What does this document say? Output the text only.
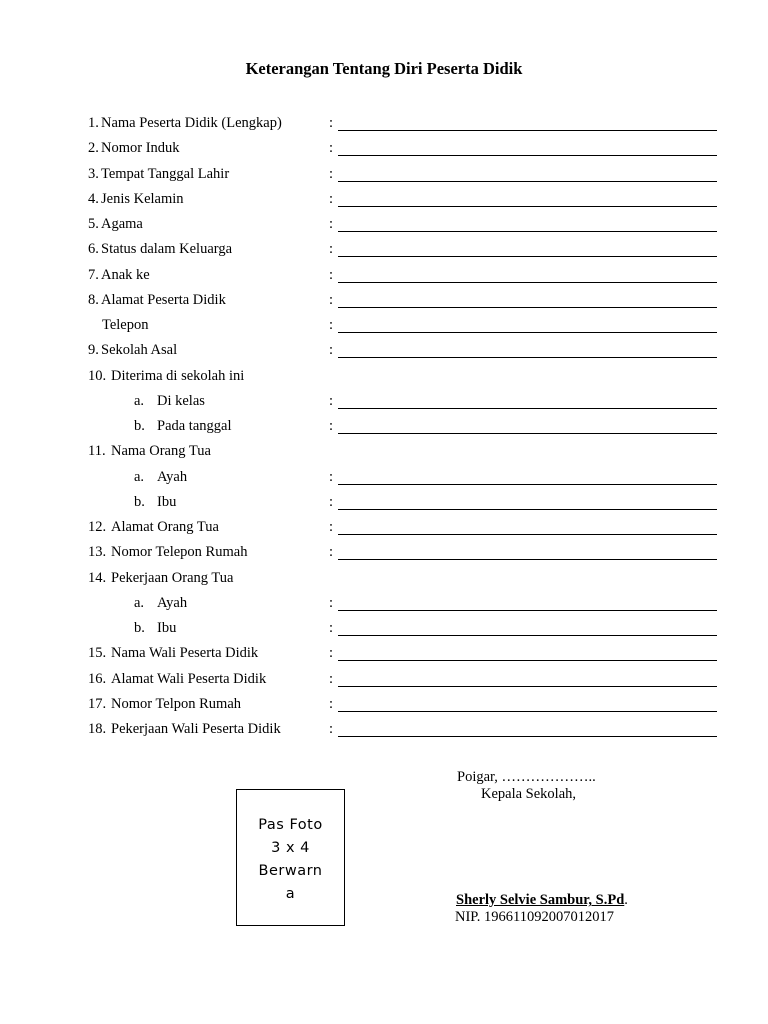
Keterangan Tentang Diri Peserta Didik
1. Nama Peserta Didik (Lengkap)	:
2. Nomor Induk	:
3. Tempat Tanggal Lahir	:
4. Jenis Kelamin	:
5. Agama	:
6. Status dalam Keluarga	:
7. Anak ke	:
8. Alamat Peserta Didik	:
Telepon	:
9. Sekolah Asal	:
10. Diterima di sekolah ini
a. Di kelas	:
b. Pada tanggal	:
11. Nama Orang Tua
a. Ayah	:
b. Ibu	:
12. Alamat Orang Tua	:
13. Nomor Telepon Rumah	:
14. Pekerjaan Orang Tua
a. Ayah	:
b. Ibu	:
15. Nama Wali Peserta Didik	:
16. Alamat Wali Peserta Didik	:
17. Nomor Telpon Rumah	:
18. Pekerjaan Wali Peserta Didik	:
Poigar, ………………..
Kepala Sekolah,
Sherly Selvie Sambur, S.Pd.
NIP. 196611092007012017
Pas Foto
3 x 4
Berwarn
a
